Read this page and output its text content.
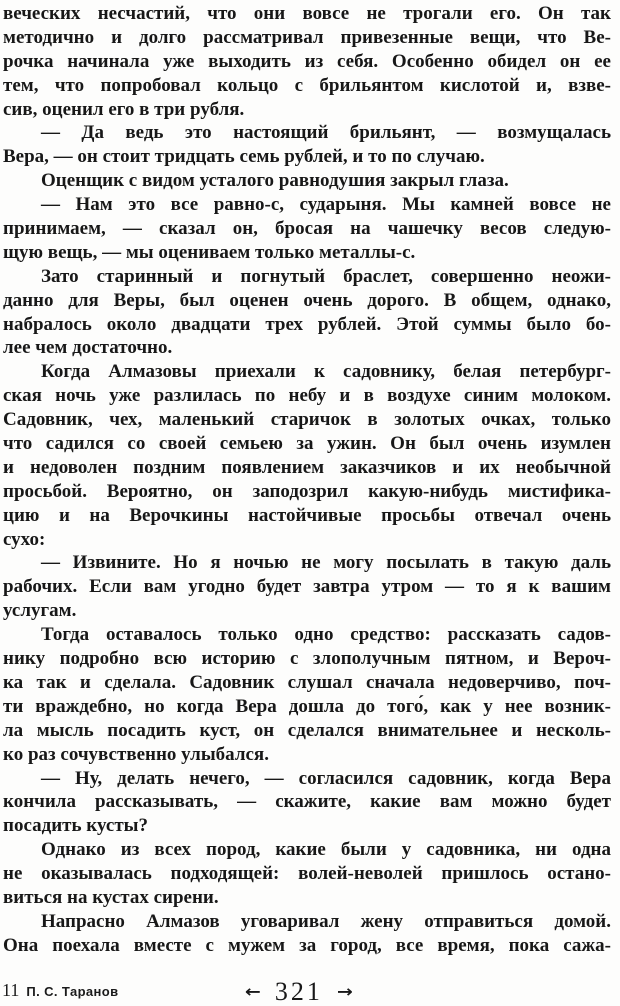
веческих несчастий, что они вовсе не трогали его. Он так
методично и долго рассматривал привезенные вещи, что Ве-
рочка начинала уже выходить из себя. Особенно обидел он ее
тем, что попробовал кольцо с брильянтом кислотой и, взве-
сив, оценил его в три рубля.
— Да ведь это настоящий брильянт, — возмущалась
Вера, — он стоит тридцать семь рублей, и то по случаю.
Оценщик с видом усталого равнодушия закрыл глаза.
— Нам это все равно-с, сударыня. Мы камней вовсе не
принимаем, — сказал он, бросая на чашечку весов следую-
щую вещь, — мы оцениваем только металлы-с.
Зато старинный и погнутый браслет, совершенно неожи-
данно для Веры, был оценен очень дорого. В общем, однако,
набралось около двадцати трех рублей. Этой суммы было бо-
лее чем достаточно.
Когда Алмазовы приехали к садовнику, белая петербург-
ская ночь уже разлилась по небу и в воздухе синим молоком.
Садовник, чех, маленький старичок в золотых очках, только
что садился со своей семьею за ужин. Он был очень изумлен
и недоволен поздним появлением заказчиков и их необычной
просьбой. Вероятно, он заподозрил какую-нибудь мистифика-
цию и на Верочкины настойчивые просьбы отвечал очень
сухо:
— Извините. Но я ночью не могу посылать в такую даль
рабочих. Если вам угодно будет завтра утром — то я к вашим
услугам.
Тогда оставалось только одно средство: рассказать садов-
нику подробно всю историю с злополучным пятном, и Вероч-
ка так и сделала. Садовник слушал сначала недоверчиво, поч-
ти враждебно, но когда Вера дошла до того́, как у нее возник-
ла мысль посадить куст, он сделался внимательнее и несколь-
ко раз сочувственно улыбался.
— Ну, делать нечего, — согласился садовник, когда Вера
кончила рассказывать, — скажите, какие вам можно будет
посадить кусты?
Однако из всех пород, какие были у садовника, ни одна
не оказывалась подходящей: волей-неволей пришлось остано-
виться на кустах сирени.
Напрасно Алмазов уговаривал жену отправиться домой.
Она поехала вместе с мужем за город, все время, пока сажа-
11 П. С. Таранов	← 321 →
